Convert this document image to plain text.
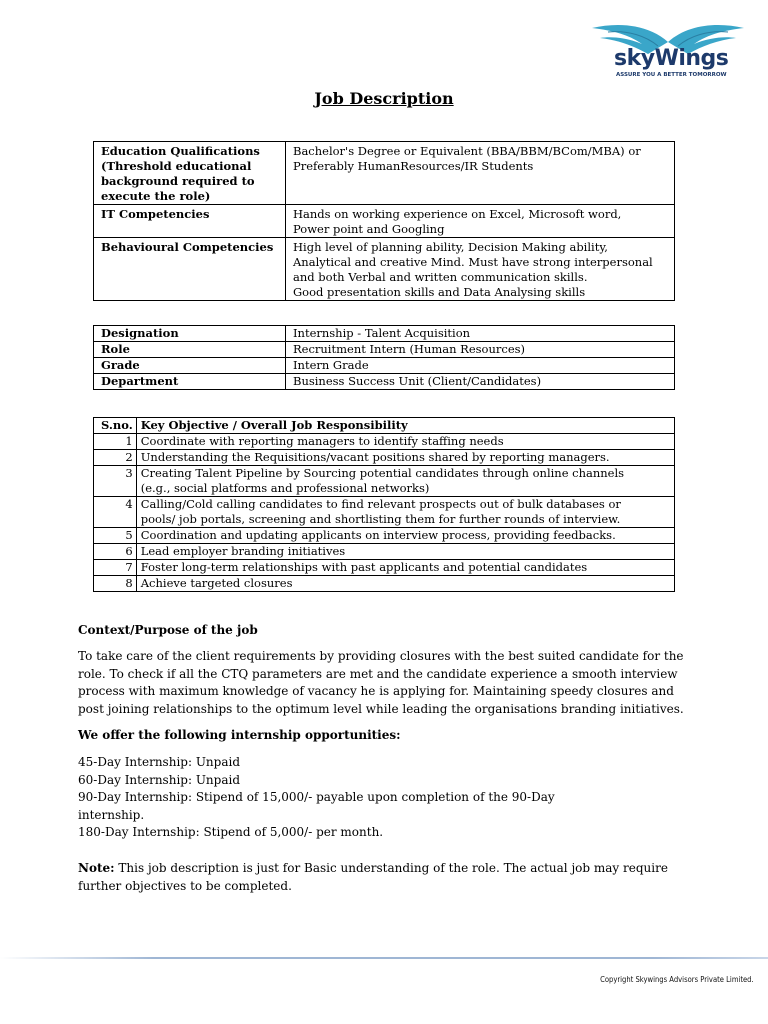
skyWings
ASSURE YOU A BETTER TOMORROW
Job Description
Education Qualifications
(Threshold educational
background required to
execute the role)	Bachelor's Degree or Equivalent (BBA/BBM/BCom/MBA) or
Preferably HumanResources/IR Students
IT Competencies	Hands on working experience on Excel, Microsoft word,
Power point and Googling
Behavioural Competencies	High level of planning ability, Decision Making ability,
Analytical and creative Mind. Must have strong interpersonal
and both Verbal and written communication skills.
Good presentation skills and Data Analysing skills
Designation	Internship - Talent Acquisition
Role	Recruitment Intern (Human Resources)
Grade	Intern Grade
Department	Business Success Unit (Client/Candidates)
S.no.	Key Objective / Overall Job Responsibility
1	Coordinate with reporting managers to identify staffing needs
2	Understanding the Requisitions/vacant positions shared by reporting managers.
3	Creating Talent Pipeline by Sourcing potential candidates through online channels
(e.g., social platforms and professional networks)
4	Calling/Cold calling candidates to find relevant prospects out of bulk databases or
pools/ job portals, screening and shortlisting them for further rounds of interview.
5	Coordination and updating applicants on interview process, providing feedbacks.
6	Lead employer branding initiatives
7	Foster long-term relationships with past applicants and potential candidates
8	Achieve targeted closures
Context/Purpose of the job
To take care of the client requirements by providing closures with the best suited candidate for the
role. To check if all the CTQ parameters are met and the candidate experience a smooth interview
process with maximum knowledge of vacancy he is applying for. Maintaining speedy closures and
post joining relationships to the optimum level while leading the organisations branding initiatives.
We offer the following internship opportunities:
45-Day Internship: Unpaid
60-Day Internship: Unpaid
90-Day Internship: Stipend of 15,000/- payable upon completion of the 90-Day
internship.
180-Day Internship: Stipend of 5,000/- per month.
Note: This job description is just for Basic understanding of the role. The actual job may require
further objectives to be completed.
Copyright Skywings Advisors Private Limited.
